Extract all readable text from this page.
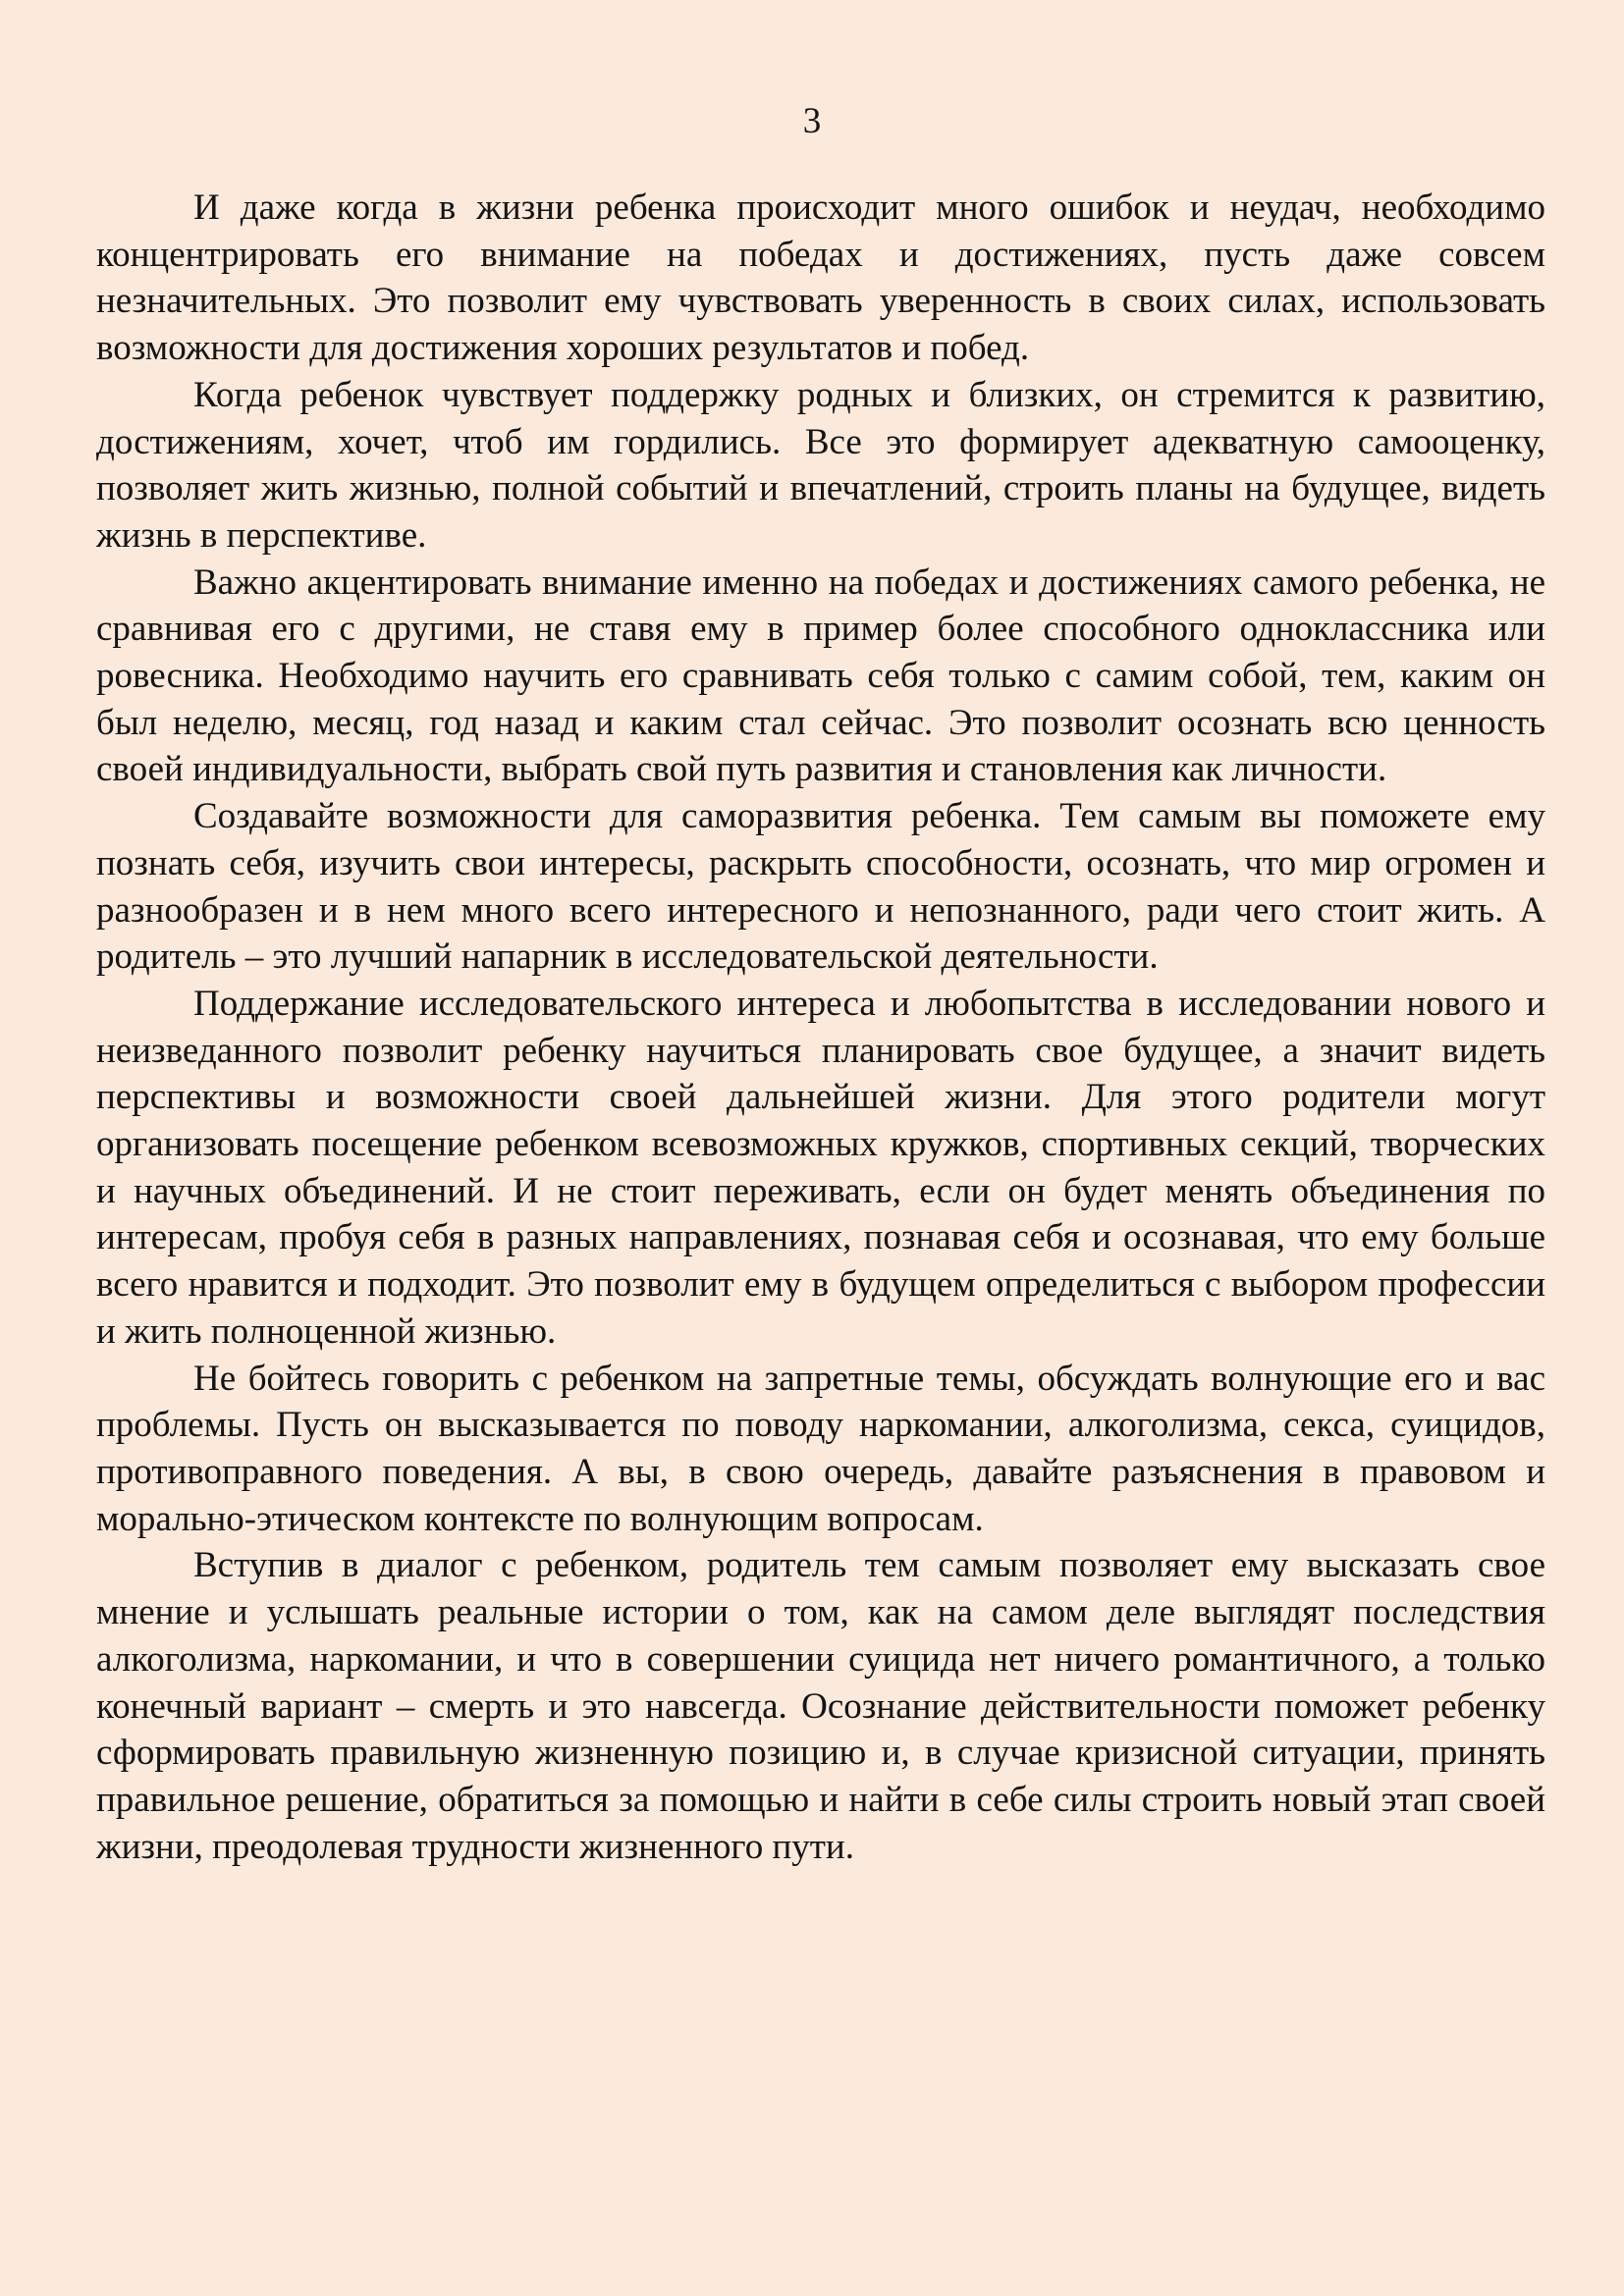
3

И даже когда в жизни ребенка происходит много ошибок и неудач, необходимо концентрировать его внимание на победах и достижениях, пусть даже совсем незначительных. Это позволит ему чувствовать уверенность в своих силах, использовать возможности для достижения хороших результатов и побед.

Когда ребенок чувствует поддержку родных и близких, он стремится к развитию, достижениям, хочет, чтоб им гордились. Все это формирует адекватную самооценку, позволяет жить жизнью, полной событий и впечатлений, строить планы на будущее, видеть жизнь в перспективе.

Важно акцентировать внимание именно на победах и достижениях самого ребенка, не сравнивая его с другими, не ставя ему в пример более способного одноклассника или ровесника. Необходимо научить его сравнивать себя только с самим собой, тем, каким он был неделю, месяц, год назад и каким стал сейчас. Это позволит осознать всю ценность своей индивидуальности, выбрать свой путь развития и становления как личности.

Создавайте возможности для саморазвития ребенка. Тем самым вы поможете ему познать себя, изучить свои интересы, раскрыть способности, осознать, что мир огромен и разнообразен и в нем много всего интересного и непознанного, ради чего стоит жить. А родитель – это лучший напарник в исследовательской деятельности.

Поддержание исследовательского интереса и любопытства в исследовании нового и неизведанного позволит ребенку научиться планировать свое будущее, а значит видеть перспективы и возможности своей дальнейшей жизни. Для этого родители могут организовать посещение ребенком всевозможных кружков, спортивных секций, творческих и научных объединений. И не стоит переживать, если он будет менять объединения по интересам, пробуя себя в разных направлениях, познавая себя и осознавая, что ему больше всего нравится и подходит. Это позволит ему в будущем определиться с выбором профессии и жить полноценной жизнью.

Не бойтесь говорить с ребенком на запретные темы, обсуждать волнующие его и вас проблемы. Пусть он высказывается по поводу наркомании, алкоголизма, секса, суицидов, противоправного поведения. А вы, в свою очередь, давайте разъяснения в правовом и морально-этическом контексте по волнующим вопросам.

Вступив в диалог с ребенком, родитель тем самым позволяет ему высказать свое мнение и услышать реальные истории о том, как на самом деле выглядят последствия алкоголизма, наркомании, и что в совершении суицида нет ничего романтичного, а только конечный вариант – смерть и это навсегда. Осознание действительности поможет ребенку сформировать правильную жизненную позицию и, в случае кризисной ситуации, принять правильное решение, обратиться за помощью и найти в себе силы строить новый этап своей жизни, преодолевая трудности жизненного пути.
